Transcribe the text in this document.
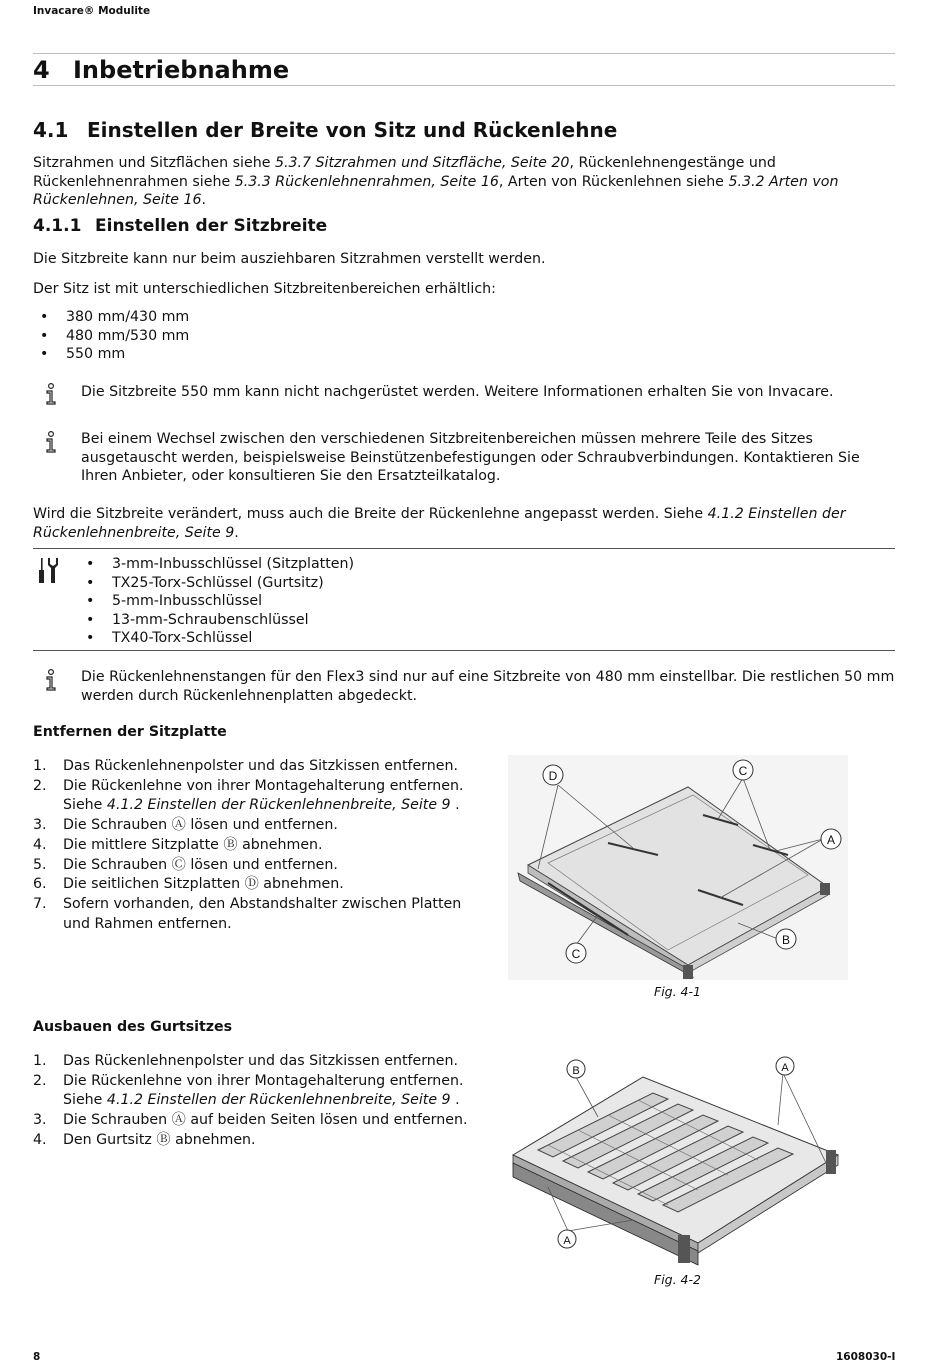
Invacare® Modulite
4 Inbetriebnahme
4.1 Einstellen der Breite von Sitz und Rückenlehne
Sitzrahmen und Sitzflächen siehe 5.3.7 Sitzrahmen und Sitzfläche, Seite 20, Rückenlehnengestänge und Rückenlehnenrahmen siehe 5.3.3 Rückenlehnenrahmen, Seite 16, Arten von Rückenlehnen siehe 5.3.2 Arten von Rückenlehnen, Seite 16.
4.1.1 Einstellen der Sitzbreite
Die Sitzbreite kann nur beim ausziehbaren Sitzrahmen verstellt werden.
Der Sitz ist mit unterschiedlichen Sitzbreitenbereichen erhältlich:
• 380 mm/430 mm
• 480 mm/530 mm
• 550 mm
Die Sitzbreite 550 mm kann nicht nachgerüstet werden. Weitere Informationen erhalten Sie von Invacare.
Bei einem Wechsel zwischen den verschiedenen Sitzbreitenbereichen müssen mehrere Teile des Sitzes ausgetauscht werden, beispielsweise Beinstützenbefestigungen oder Schraubverbindungen. Kontaktieren Sie Ihren Anbieter, oder konsultieren Sie den Ersatzteilkatalog.
Wird die Sitzbreite verändert, muss auch die Breite der Rückenlehne angepasst werden. Siehe 4.1.2 Einstellen der Rückenlehnenbreite, Seite 9.
• 3-mm-Inbusschlüssel (Sitzplatten)
• TX25-Torx-Schlüssel (Gurtsitz)
• 5-mm-Inbusschlüssel
• 13-mm-Schraubenschlüssel
• TX40-Torx-Schlüssel
Die Rückenlehnenstangen für den Flex3 sind nur auf eine Sitzbreite von 480 mm einstellbar. Die restlichen 50 mm werden durch Rückenlehnenplatten abgedeckt.
Entfernen der Sitzplatte
1. Das Rückenlehnenpolster und das Sitzkissen entfernen.
2. Die Rückenlehne von ihrer Montagehalterung entfernen.
Siehe 4.1.2 Einstellen der Rückenlehnenbreite, Seite 9 .
3. Die Schrauben Ⓐ lösen und entfernen.
4. Die mittlere Sitzplatte Ⓑ abnehmen.
5. Die Schrauben Ⓒ lösen und entfernen.
6. Die seitlichen Sitzplatten Ⓓ abnehmen.
7. Sofern vorhanden, den Abstandshalter zwischen Platten und Rahmen entfernen.
D	C
A
C
B
Fig. 4-1
Ausbauen des Gurtsitzes
1. Das Rückenlehnenpolster und das Sitzkissen entfernen.
2. Die Rückenlehne von ihrer Montagehalterung entfernen.
Siehe 4.1.2 Einstellen der Rückenlehnenbreite, Seite 9 .
3. Die Schrauben Ⓐ auf beiden Seiten lösen und entfernen.
4. Den Gurtsitz Ⓑ abnehmen.
B	A
A
Fig. 4-2
8	1608030-I
